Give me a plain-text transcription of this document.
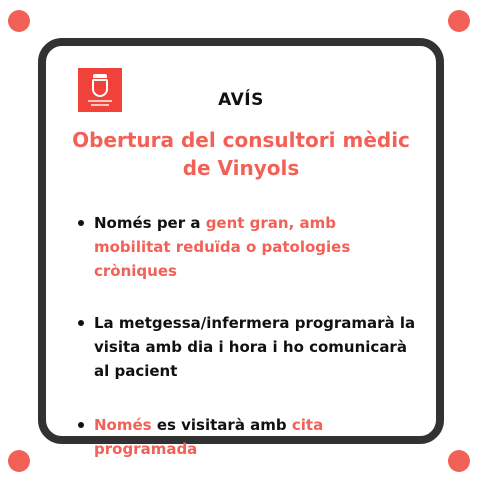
AVÍS
Obertura del consultori mèdic
de Vinyols
Només per a gent gran, amb mobilitat reduïda o patologies cròniques
La metgessa/infermera programarà la visita amb dia i hora i ho comunicarà al pacient
Només es visitarà amb cita programada
